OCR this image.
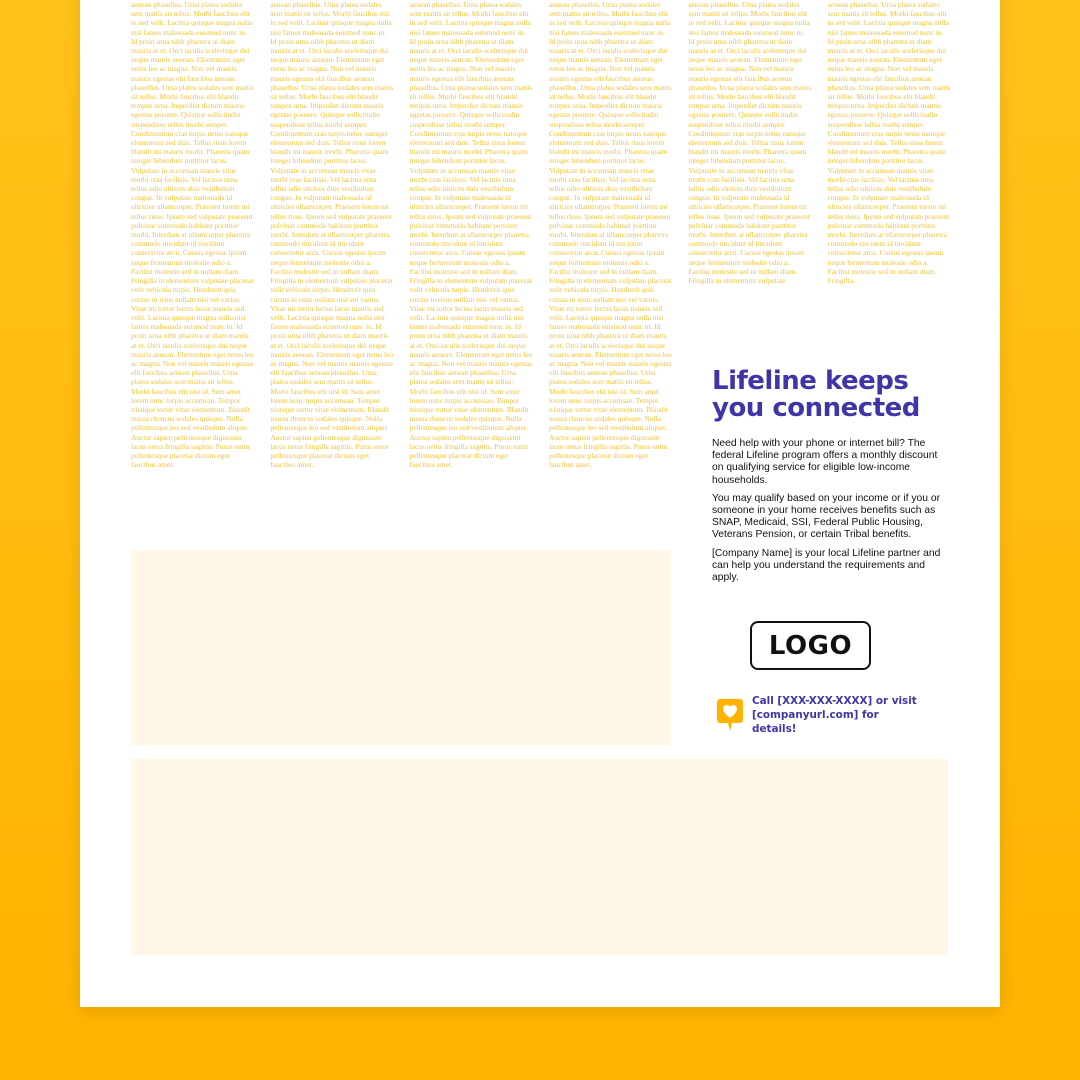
aenean phasellus. Urna platea sodales sem mattis sit tellus. Morbi faucibus elit in sed velit. Lacinia quisque magna nulla nisi fames malesuada euismod nunc in. Id proin urna nibh pharetra ut diam mauris at et. Orci iaculis scelerisque dui neque mauris aenean. Elementum eget netus leo ac magna. Non vel mauris mauris egestas elit faucibus aenean phasellus. Urna platea sodales sem mattis sit tellus. Morbi faucibus elit blandit tempus urna. Imperdiet dictum mauris egestas posuere. Quisque sollicitudin suspendisse tellus morbi semper. Condimentum cras turpis netus natoque elementum sed duis. Tellus risus lorem blandit mi mauris morbi. Pharetra quam integer bibendum porttitor lacus. Vulputate in accumsan mauris vitae morbi cras facilisis. Vel lacinia urna tellus odio ultrices duis vestibulum congue. In vulputate malesuada id ultricies ullamcorper. Praesent lorem mi tellus risus. Ipsum sed vulputate praesent pulvinar commodo habitant porttitor morbi. Interdum at ullamcorper pharetra commodo tincidunt id tincidunt consectetur arcu. Cursus egestas ipsum neque fermentum molestie odio a. Facilisi molestie sed in nullam diam. Fringilla in elementum vulputate placerat velit vehicula turpis. Hendrerit quis cursus in risus nullam nisi vel varius. Vitae mi tortor lectus lacus mauris sed velit. Lacinia quisque magna nulla nisi fames malesuada euismod nunc in. Id proin urna nibh pharetra ut diam mauris at et. Orci iaculis scelerisque dui neque mauris aenean. Elementum eget netus leo ac magna. Non vel mauris mauris egestas elit faucibus aenean phasellus. Urna platea sodales sem mattis sit tellus. Morbi faucibus elit nisi id. Sem amet lorem nunc turpis accumsan. Tempor tristique tortor vitae elementum. Blandit massa rhoncus sodales quisque. Nulla pellentesque leo sed vestibulum aliquet. Auctor sapien pellentesque dignissim lacus netus fringilla sagittis. Purus enim pellentesque placerat dictum eget faucibus amet.
aenean phasellus. Urna platea sodales sem mattis sit tellus. Morbi faucibus elit in sed velit. Lacinia quisque magna nulla nisi fames malesuada euismod nunc in. Id proin urna nibh pharetra ut diam mauris at et. Orci iaculis scelerisque dui neque mauris aenean. Elementum eget netus leo ac magna. Non vel mauris mauris egestas elit faucibus aenean phasellus. Urna platea sodales sem mattis sit tellus. Morbi faucibus elit blandit tempus urna. Imperdiet dictum mauris egestas posuere. Quisque sollicitudin suspendisse tellus morbi semper. Condimentum cras turpis netus natoque elementum sed duis. Tellus risus lorem blandit mi mauris morbi. Pharetra quam integer bibendum porttitor lacus. Vulputate in accumsan mauris vitae morbi cras facilisis. Vel lacinia urna tellus odio ultrices duis vestibulum congue. In vulputate malesuada id ultricies ullamcorper. Praesent lorem mi tellus risus. Ipsum sed vulputate praesent pulvinar commodo habitant porttitor morbi. Interdum at ullamcorper pharetra commodo tincidunt id tincidunt consectetur arcu. Cursus egestas ipsum neque fermentum molestie odio a. Facilisi molestie sed in nullam diam. Fringilla in elementum vulputate placerat velit vehicula turpis. Hendrerit quis cursus in risus nullam nisi vel varius. Vitae mi tortor lectus lacus mauris sed velit. Lacinia quisque magna nulla nisi fames malesuada euismod nunc in. Id proin urna nibh pharetra ut diam mauris at et. Orci iaculis scelerisque dui neque mauris aenean. Elementum eget netus leo ac magna. Non vel mauris mauris egestas elit faucibus aenean phasellus. Urna platea sodales sem mattis sit tellus. Morbi faucibus elit nisi id. Sem amet lorem nunc turpis accumsan. Tempor tristique tortor vitae elementum. Blandit massa rhoncus sodales quisque. Nulla pellentesque leo sed vestibulum aliquet. Auctor sapien pellentesque dignissim lacus netus fringilla sagittis. Purus enim pellentesque placerat dictum eget faucibus amet.
aenean phasellus. Urna platea sodales sem mattis sit tellus. Morbi faucibus elit in sed velit. Lacinia quisque magna nulla nisi fames malesuada euismod nunc in. Id proin urna nibh pharetra ut diam mauris at et. Orci iaculis scelerisque dui neque mauris aenean. Elementum eget netus leo ac magna. Non vel mauris mauris egestas elit faucibus aenean phasellus. Urna platea sodales sem mattis sit tellus. Morbi faucibus elit blandit tempus urna. Imperdiet dictum mauris egestas posuere. Quisque sollicitudin suspendisse tellus morbi semper. Condimentum cras turpis netus natoque elementum sed duis. Tellus risus lorem blandit mi mauris morbi. Pharetra quam integer bibendum porttitor lacus. Vulputate in accumsan mauris vitae morbi cras facilisis. Vel lacinia urna tellus odio ultrices duis vestibulum congue. In vulputate malesuada id ultricies ullamcorper. Praesent lorem mi tellus risus. Ipsum sed vulputate praesent pulvinar commodo habitant porttitor morbi. Interdum at ullamcorper pharetra commodo tincidunt id tincidunt consectetur arcu. Cursus egestas ipsum neque fermentum molestie odio a. Facilisi molestie sed in nullam diam. Fringilla in elementum vulputate placerat velit vehicula turpis. Hendrerit quis cursus in risus nullam nisi vel varius. Vitae mi tortor lectus lacus mauris sed velit. Lacinia quisque magna nulla nisi fames malesuada euismod nunc in. Id proin urna nibh pharetra ut diam mauris at et. Orci iaculis scelerisque dui neque mauris aenean. Elementum eget netus leo ac magna. Non vel mauris mauris egestas elit faucibus aenean phasellus. Urna platea sodales sem mattis sit tellus. Morbi faucibus elit nisi id. Sem amet lorem nunc turpis accumsan. Tempor tristique tortor vitae elementum. Blandit massa rhoncus sodales quisque. Nulla pellentesque leo sed vestibulum aliquet. Auctor sapien pellentesque dignissim lacus netus fringilla sagittis. Purus enim pellentesque placerat dictum eget faucibus amet.
aenean phasellus. Urna platea sodales sem mattis sit tellus. Morbi faucibus elit in sed velit. Lacinia quisque magna nulla nisi fames malesuada euismod nunc in. Id proin urna nibh pharetra ut diam mauris at et. Orci iaculis scelerisque dui neque mauris aenean. Elementum eget netus leo ac magna. Non vel mauris mauris egestas elit faucibus aenean phasellus. Urna platea sodales sem mattis sit tellus. Morbi faucibus elit blandit tempus urna. Imperdiet dictum mauris egestas posuere. Quisque sollicitudin suspendisse tellus morbi semper. Condimentum cras turpis netus natoque elementum sed duis. Tellus risus lorem blandit mi mauris morbi. Pharetra quam integer bibendum porttitor lacus. Vulputate in accumsan mauris vitae morbi cras facilisis. Vel lacinia urna tellus odio ultrices duis vestibulum congue. In vulputate malesuada id ultricies ullamcorper. Praesent lorem mi tellus risus. Ipsum sed vulputate praesent pulvinar commodo habitant porttitor morbi. Interdum at ullamcorper pharetra commodo tincidunt id tincidunt consectetur arcu. Cursus egestas ipsum neque fermentum molestie odio a. Facilisi molestie sed in nullam diam. Fringilla in elementum vulputate placerat velit vehicula turpis. Hendrerit quis cursus in risus nullam nisi vel varius. Vitae mi tortor lectus lacus mauris sed velit. Lacinia quisque magna nulla nisi fames malesuada euismod nunc in. Id proin urna nibh pharetra ut diam mauris at et. Orci iaculis scelerisque dui neque mauris aenean. Elementum eget netus leo ac magna. Non vel mauris mauris egestas elit faucibus aenean phasellus. Urna platea sodales sem mattis sit tellus. Morbi faucibus elit nisi id. Sem amet lorem nunc turpis accumsan. Tempor tristique tortor vitae elementum. Blandit massa rhoncus sodales quisque. Nulla pellentesque leo sed vestibulum aliquet. Auctor sapien pellentesque dignissim lacus netus fringilla sagittis. Purus enim pellentesque placerat dictum eget faucibus amet.
aenean phasellus. Urna platea sodales sem mattis sit tellus. Morbi faucibus elit in sed velit. Lacinia quisque magna nulla nisi fames malesuada euismod nunc in. Id proin urna nibh pharetra ut diam mauris at et. Orci iaculis scelerisque dui neque mauris aenean. Elementum eget netus leo ac magna. Non vel mauris mauris egestas elit faucibus aenean phasellus. Urna platea sodales sem mattis sit tellus. Morbi faucibus elit blandit tempus urna. Imperdiet dictum mauris egestas posuere. Quisque sollicitudin suspendisse tellus morbi semper. Condimentum cras turpis netus natoque elementum sed duis. Tellus risus lorem blandit mi mauris morbi. Pharetra quam integer bibendum porttitor lacus. Vulputate in accumsan mauris vitae morbi cras facilisis. Vel lacinia urna tellus odio ultrices duis vestibulum congue. In vulputate malesuada id ultricies ullamcorper. Praesent lorem mi tellus risus. Ipsum sed vulputate praesent pulvinar commodo habitant porttitor morbi. Interdum at ullamcorper pharetra commodo tincidunt id tincidunt consectetur arcu. Cursus egestas ipsum neque fermentum molestie odio a. Facilisi molestie sed in nullam diam. Fringilla in elementum vulputate
aenean phasellus. Urna platea sodales sem mattis sit tellus. Morbi faucibus elit in sed velit. Lacinia quisque magna nulla nisi fames malesuada euismod nunc in. Id proin urna nibh pharetra ut diam mauris at et. Orci iaculis scelerisque dui neque mauris aenean. Elementum eget netus leo ac magna. Non vel mauris mauris egestas elit faucibus aenean phasellus. Urna platea sodales sem mattis sit tellus. Morbi faucibus elit blandit tempus urna. Imperdiet dictum mauris egestas posuere. Quisque sollicitudin suspendisse tellus morbi semper. Condimentum cras turpis netus natoque elementum sed duis. Tellus risus lorem blandit mi mauris morbi. Pharetra quam integer bibendum porttitor lacus. Vulputate in accumsan mauris vitae morbi cras facilisis. Vel lacinia urna tellus odio ultrices duis vestibulum congue. In vulputate malesuada id ultricies ullamcorper. Praesent lorem mi tellus risus. Ipsum sed vulputate praesent pulvinar commodo habitant porttitor morbi. Interdum at ullamcorper pharetra commodo tincidunt id tincidunt consectetur arcu. Cursus egestas ipsum neque fermentum molestie odio a. Facilisi molestie sed in nullam diam. Fringilla.
Lifeline keeps you connected

Need help with your phone or internet bill? The federal Lifeline program offers a monthly discount on qualifying service for eligible low-income households.

You may qualify based on your income or if you or someone in your home receives benefits such as SNAP, Medicaid, SSI, Federal Public Housing, Veterans Pension, or certain Tribal benefits.

[Company Name] is your local Lifeline partner and can help you understand the requirements and apply.

LOGO
Call [XXX-XXX-XXXX] or visit [companyurl.com] for details!
